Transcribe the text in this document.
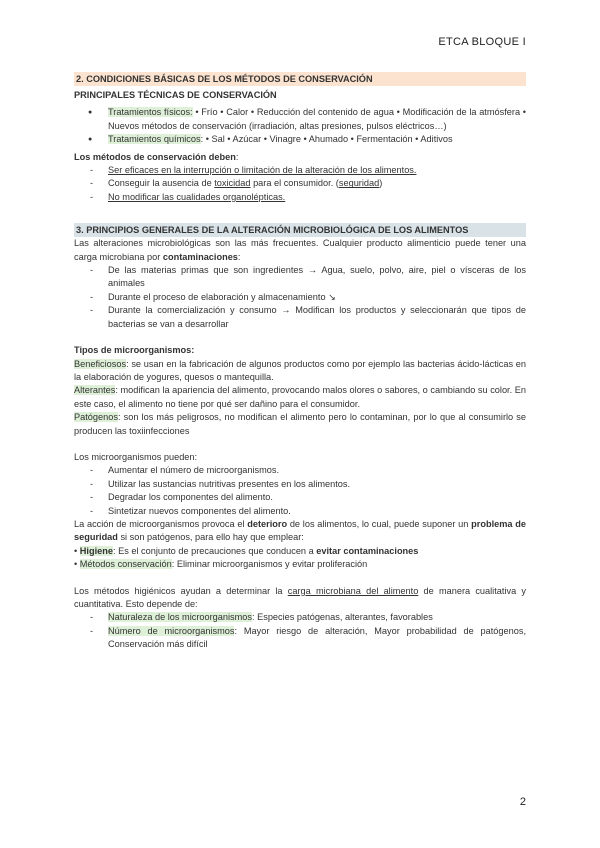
ETCA BLOQUE I
2. CONDICIONES BÁSICAS DE LOS MÉTODOS DE CONSERVACIÓN
PRINCIPALES TÉCNICAS DE CONSERVACIÓN
● Tratamientos físicos: • Frío • Calor • Reducción del contenido de agua • Modificación de la atmósfera • Nuevos métodos de conservación (irradiación, altas presiones, pulsos eléctricos…)
● Tratamientos químicos: • Sal • Azúcar • Vinagre • Ahumado • Fermentación • Aditivos
Los métodos de conservación deben:
- Ser eficaces en la interrupción o limitación de la alteración de los alimentos.
- Conseguir la ausencia de toxicidad para el consumidor. (seguridad)
- No modificar las cualidades organolépticas.
3. PRINCIPIOS GENERALES DE LA ALTERACIÓN MICROBIOLÓGICA DE LOS ALIMENTOS
Las alteraciones microbiológicas son las más frecuentes. Cualquier producto alimenticio puede tener una carga microbiana por contaminaciones:
- De las materias primas que son ingredientes → Agua, suelo, polvo, aire, piel o vísceras de los animales
- Durante el proceso de elaboración y almacenamiento ↘
- Durante la comercialización y consumo → Modifican los productos y seleccionarán que tipos de bacterias se van a desarrollar
Tipos de microorganismos:
Beneficiosos: se usan en la fabricación de algunos productos como por ejemplo las bacterias ácido-lácticas en la elaboración de yogures, quesos o mantequilla.
Alterantes: modifican la apariencia del alimento, provocando malos olores o sabores, o cambiando su color. En este caso, el alimento no tiene por qué ser dañino para el consumidor.
Patógenos: son los más peligrosos, no modifican el alimento pero lo contaminan, por lo que al consumirlo se producen las toxiinfecciones
Los microorganismos pueden:
- Aumentar el número de microorganismos.
- Utilizar las sustancias nutritivas presentes en los alimentos.
- Degradar los componentes del alimento.
- Sintetizar nuevos componentes del alimento.
La acción de microorganismos provoca el deterioro de los alimentos, lo cual, puede suponer un problema de seguridad si son patógenos, para ello hay que emplear:
• Higiene: Es el conjunto de precauciones que conducen a evitar contaminaciones
• Métodos conservación: Eliminar microorganismos y evitar proliferación
Los métodos higiénicos ayudan a determinar la carga microbiana del alimento de manera cualitativa y cuantitativa. Esto depende de:
- Naturaleza de los microorganismos: Especies patógenas, alterantes, favorables
- Número de microorganismos: Mayor riesgo de alteración, Mayor probabilidad de patógenos, Conservación más difícil
2
